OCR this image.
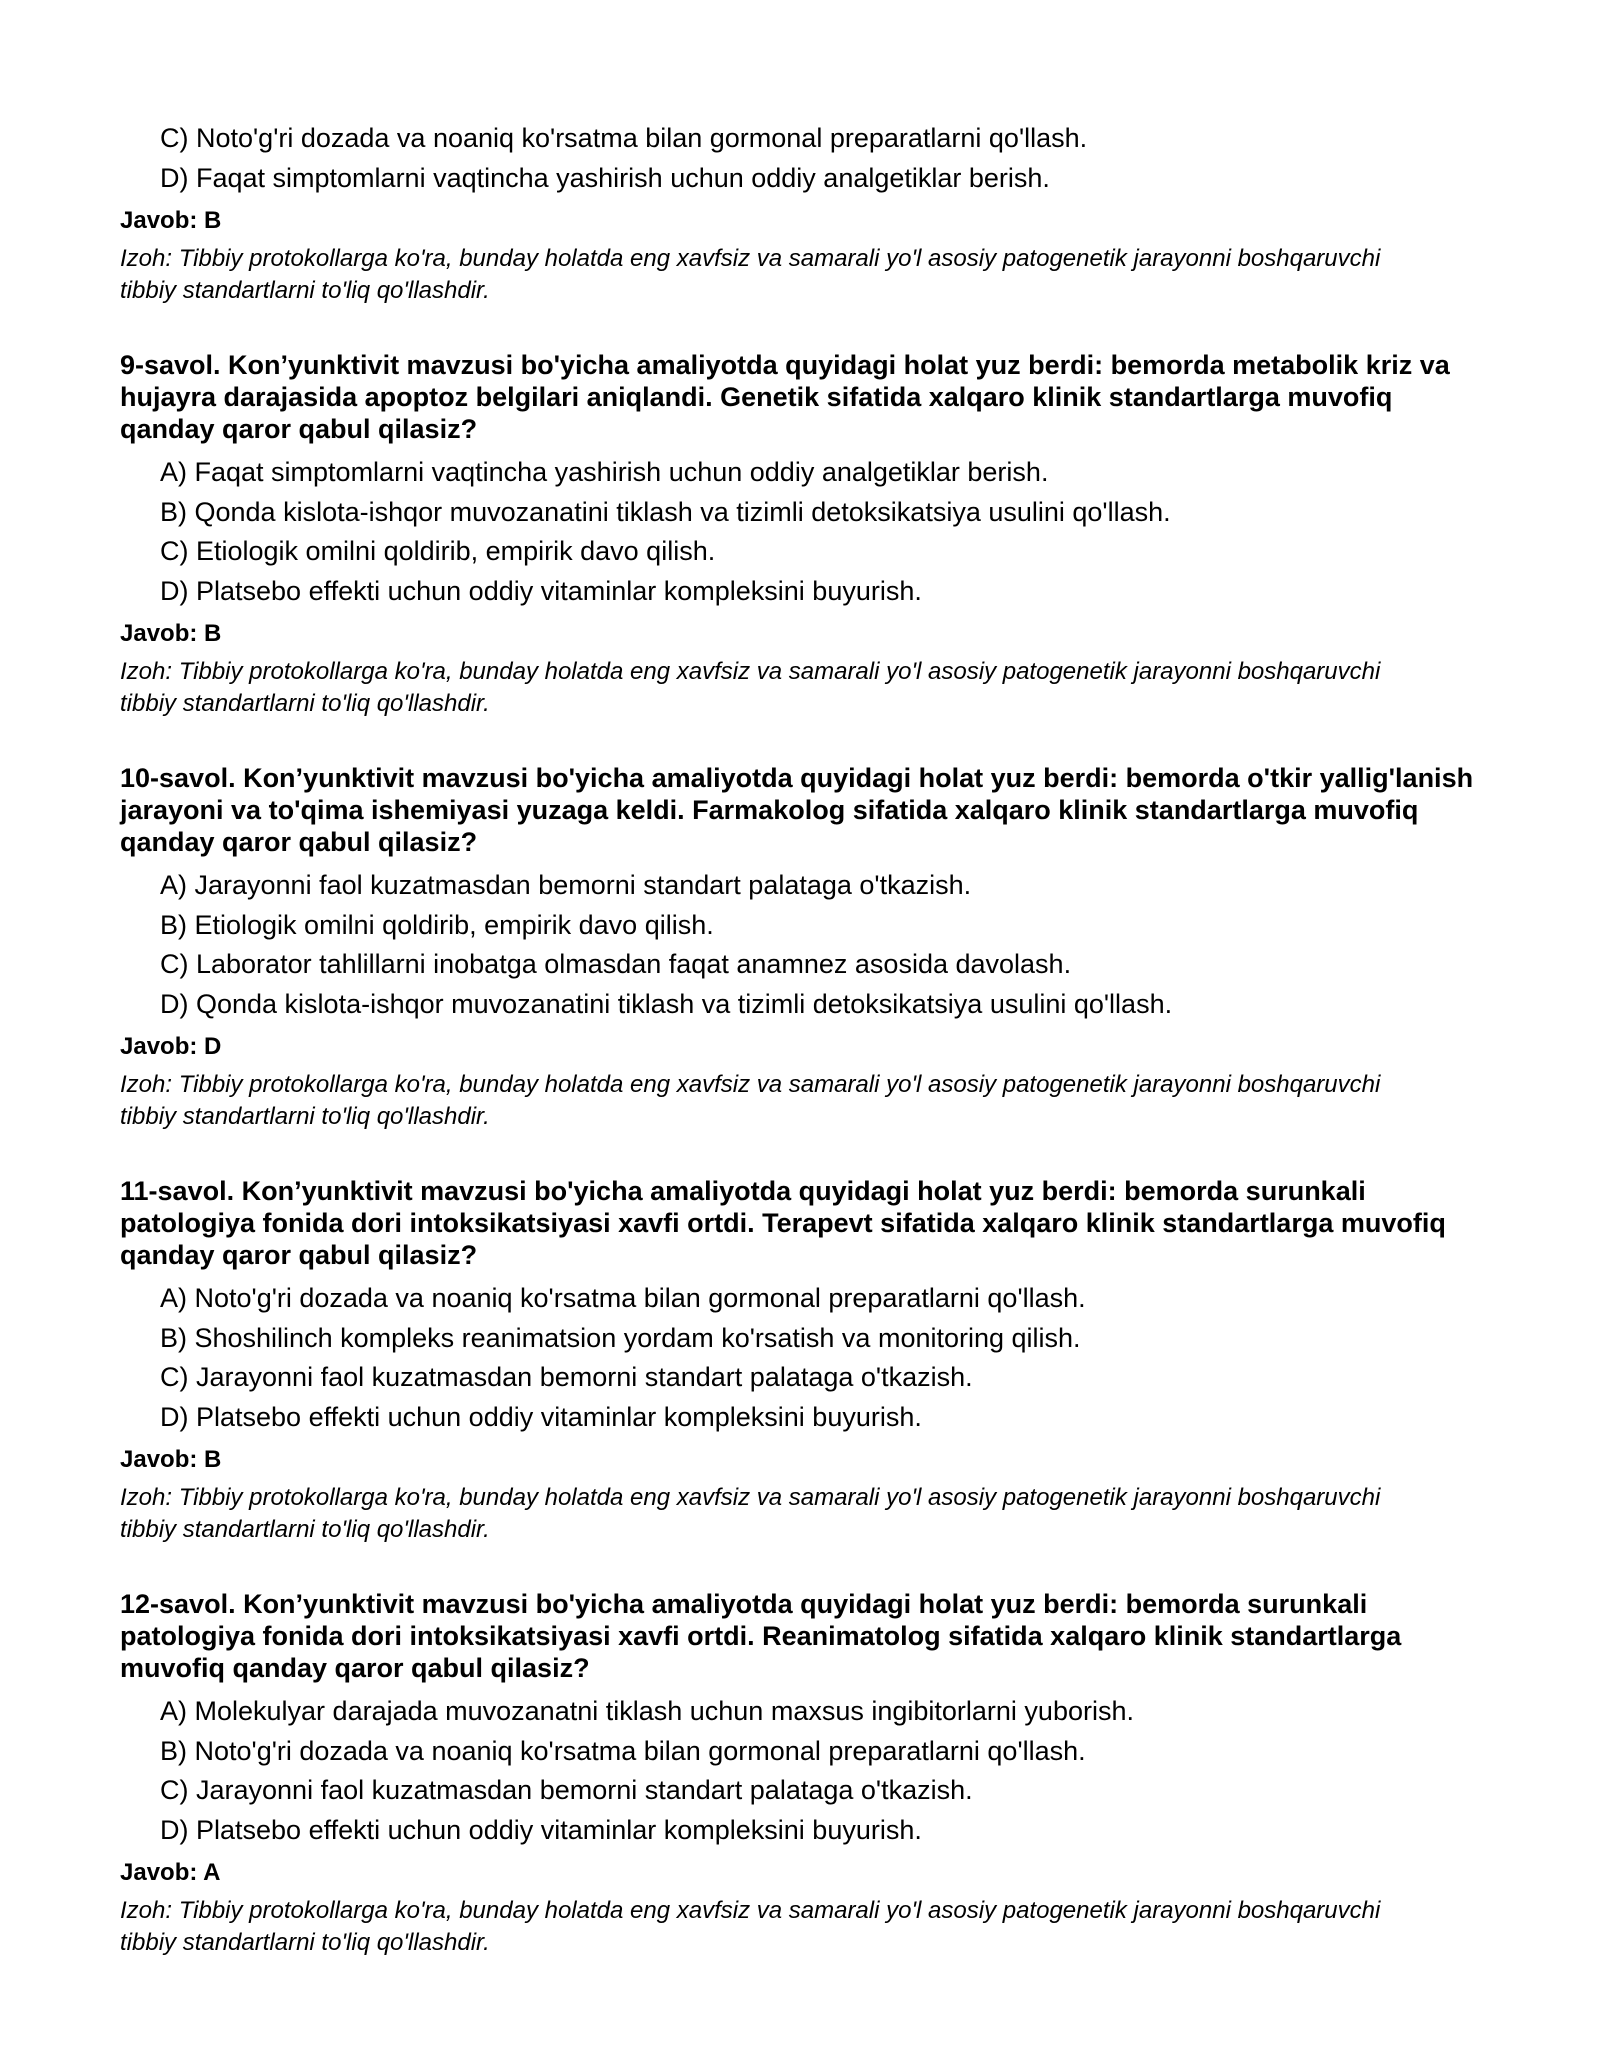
C) Noto'g'ri dozada va noaniq ko'rsatma bilan gormonal preparatlarni qo'llash.
D) Faqat simptomlarni vaqtincha yashirish uchun oddiy analgetiklar berish.
Javob: B
Izoh: Tibbiy protokollarga ko'ra, bunday holatda eng xavfsiz va samarali yo'l asosiy patogenetik jarayonni boshqaruvchi tibbiy standartlarni to'liq qo'llashdir.
9-savol. Kon’yunktivit mavzusi bo'yicha amaliyotda quyidagi holat yuz berdi: bemorda metabolik kriz va hujayra darajasida apoptoz belgilari aniqlandi. Genetik sifatida xalqaro klinik standartlarga muvofiq qanday qaror qabul qilasiz?
A) Faqat simptomlarni vaqtincha yashirish uchun oddiy analgetiklar berish.
B) Qonda kislota-ishqor muvozanatini tiklash va tizimli detoksikatsiya usulini qo'llash.
C) Etiologik omilni qoldirib, empirik davo qilish.
D) Platsebo effekti uchun oddiy vitaminlar kompleksini buyurish.
Javob: B
Izoh: Tibbiy protokollarga ko'ra, bunday holatda eng xavfsiz va samarali yo'l asosiy patogenetik jarayonni boshqaruvchi tibbiy standartlarni to'liq qo'llashdir.
10-savol. Kon’yunktivit mavzusi bo'yicha amaliyotda quyidagi holat yuz berdi: bemorda o'tkir yallig'lanish jarayoni va to'qima ishemiyasi yuzaga keldi. Farmakolog sifatida xalqaro klinik standartlarga muvofiq qanday qaror qabul qilasiz?
A) Jarayonni faol kuzatmasdan bemorni standart palataga o'tkazish.
B) Etiologik omilni qoldirib, empirik davo qilish.
C) Laborator tahlillarni inobatga olmasdan faqat anamnez asosida davolash.
D) Qonda kislota-ishqor muvozanatini tiklash va tizimli detoksikatsiya usulini qo'llash.
Javob: D
Izoh: Tibbiy protokollarga ko'ra, bunday holatda eng xavfsiz va samarali yo'l asosiy patogenetik jarayonni boshqaruvchi tibbiy standartlarni to'liq qo'llashdir.
11-savol. Kon’yunktivit mavzusi bo'yicha amaliyotda quyidagi holat yuz berdi: bemorda surunkali patologiya fonida dori intoksikatsiyasi xavfi ortdi. Terapevt sifatida xalqaro klinik standartlarga muvofiq qanday qaror qabul qilasiz?
A) Noto'g'ri dozada va noaniq ko'rsatma bilan gormonal preparatlarni qo'llash.
B) Shoshilinch kompleks reanimatsion yordam ko'rsatish va monitoring qilish.
C) Jarayonni faol kuzatmasdan bemorni standart palataga o'tkazish.
D) Platsebo effekti uchun oddiy vitaminlar kompleksini buyurish.
Javob: B
Izoh: Tibbiy protokollarga ko'ra, bunday holatda eng xavfsiz va samarali yo'l asosiy patogenetik jarayonni boshqaruvchi tibbiy standartlarni to'liq qo'llashdir.
12-savol. Kon’yunktivit mavzusi bo'yicha amaliyotda quyidagi holat yuz berdi: bemorda surunkali patologiya fonida dori intoksikatsiyasi xavfi ortdi. Reanimatolog sifatida xalqaro klinik standartlarga muvofiq qanday qaror qabul qilasiz?
A) Molekulyar darajada muvozanatni tiklash uchun maxsus ingibitorlarni yuborish.
B) Noto'g'ri dozada va noaniq ko'rsatma bilan gormonal preparatlarni qo'llash.
C) Jarayonni faol kuzatmasdan bemorni standart palataga o'tkazish.
D) Platsebo effekti uchun oddiy vitaminlar kompleksini buyurish.
Javob: A
Izoh: Tibbiy protokollarga ko'ra, bunday holatda eng xavfsiz va samarali yo'l asosiy patogenetik jarayonni boshqaruvchi tibbiy standartlarni to'liq qo'llashdir.
